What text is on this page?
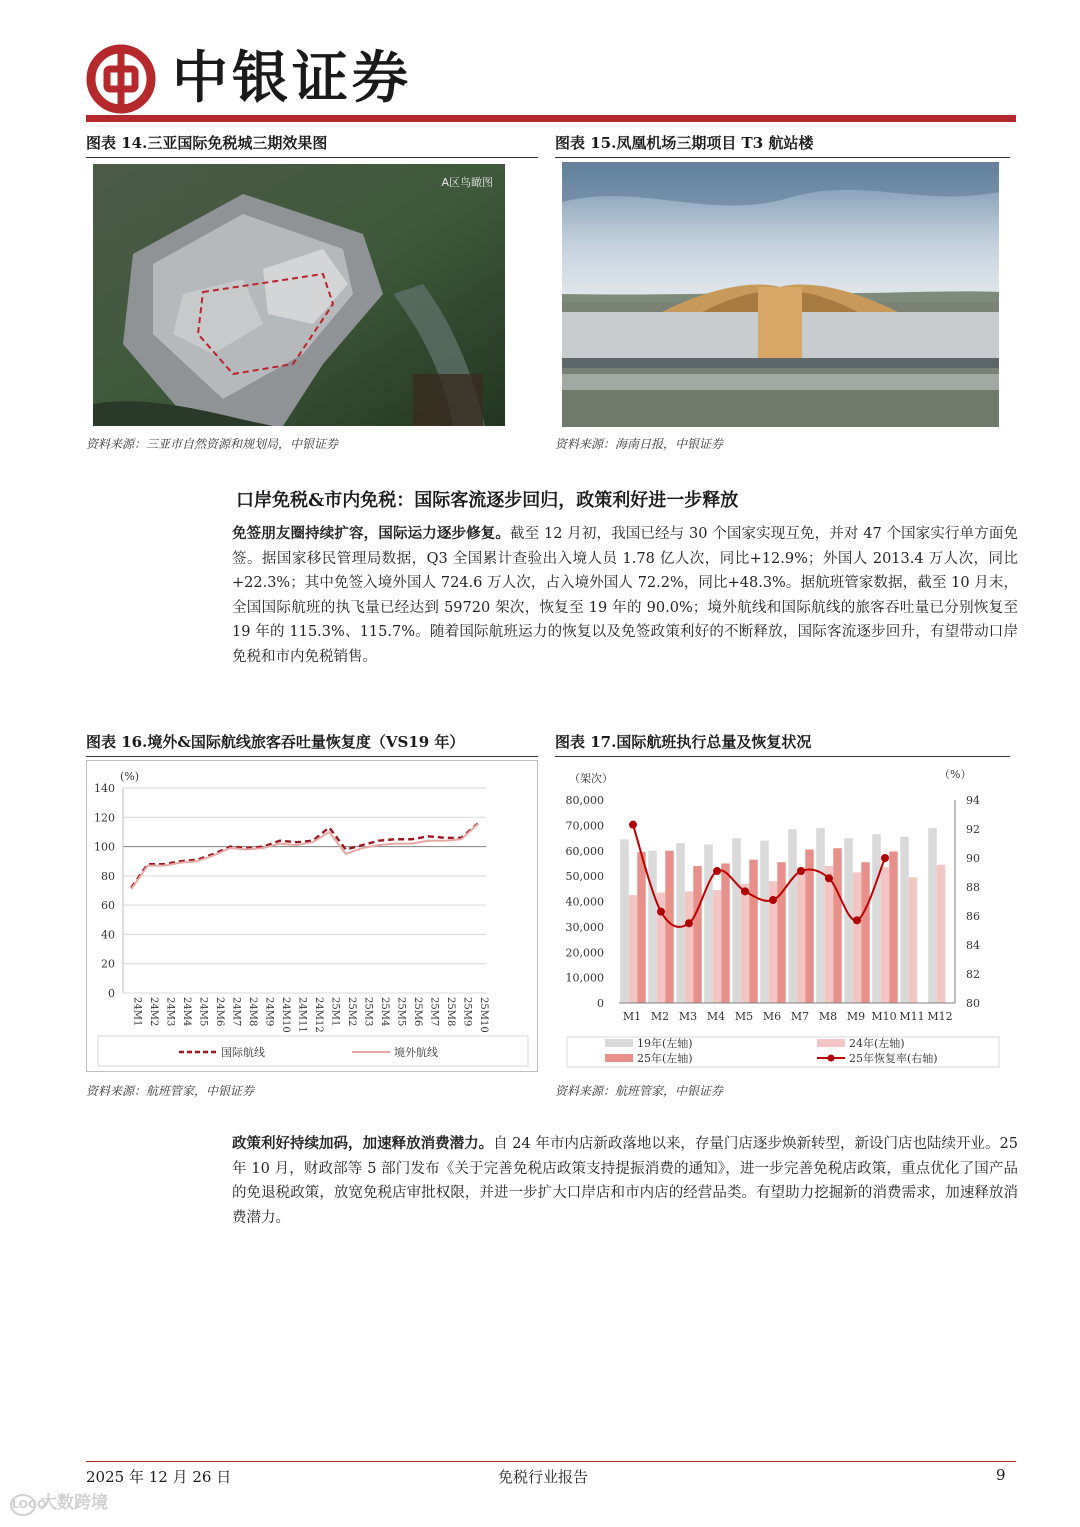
中银证券
图表 14.三亚国际免税城三期效果图
A区鸟瞰图
资料来源：三亚市自然资源和规划局，中银证券
图表 15.凤凰机场三期项目 T3 航站楼
资料来源：海南日报，中银证券
口岸免税&市内免税：国际客流逐步回归，政策利好进一步释放
免签朋友圈持续扩容，国际运力逐步修复。截至 12 月初，我国已经与 30 个国家实现互免，并对 47 个国家实行单方面免签。据国家移民管理局数据，Q3 全国累计查验出入境人员 1.78 亿人次，同比+12.9%；外国人 2013.4 万人次，同比+22.3%；其中免签入境外国人 724.6 万人次，占入境外国人 72.2%，同比+48.3%。据航班管家数据，截至 10 月末，全国国际航班的执飞量已经达到 59720 架次，恢复至 19 年的 90.0%；境外航线和国际航线的旅客吞吐量已分别恢复至 19 年的 115.3%、115.7%。随着国际航班运力的恢复以及免签政策利好的不断释放，国际客流逐步回升，有望带动口岸免税和市内免税销售。
图表 16.境外&国际航线旅客吞吐量恢复度（VS19 年）
(%)
0
20
40
60
80
100
120
140
24M1 24M2 24M3 24M4 24M5 24M6 24M7 24M8 24M9 24M10 24M11 24M12 25M1 25M2 25M3 25M4 25M5 25M6 25M7 25M8 25M9 25M10
国际航线	境外航线
资料来源：航班管家，中银证券
图表 17.国际航班执行总量及恢复状况
（架次）	（%）
0
10,000
20,000
30,000
40,000
50,000
60,000
70,000
80,000
80
82
84
86
88
90
92
94
M1 M2 M3 M4 M5 M6 M7 M8 M9 M10 M11 M12
19年(左轴)	24年(左轴)
25年(左轴)	25年恢复率(右轴)
资料来源：航班管家，中银证券
政策利好持续加码，加速释放消费潜力。自 24 年市内店新政落地以来，存量门店逐步焕新转型，新设门店也陆续开业。25 年 10 月，财政部等 5 部门发布《关于完善免税店政策支持提振消费的通知》，进一步完善免税店政策，重点优化了国产品的免退税政策，放宽免税店审批权限，并进一步扩大口岸店和市内店的经营品类。有望助力挖掘新的消费需求，加速释放消费潜力。
2025 年 12 月 26 日	免税行业报告	9
LOGO大数跨境
